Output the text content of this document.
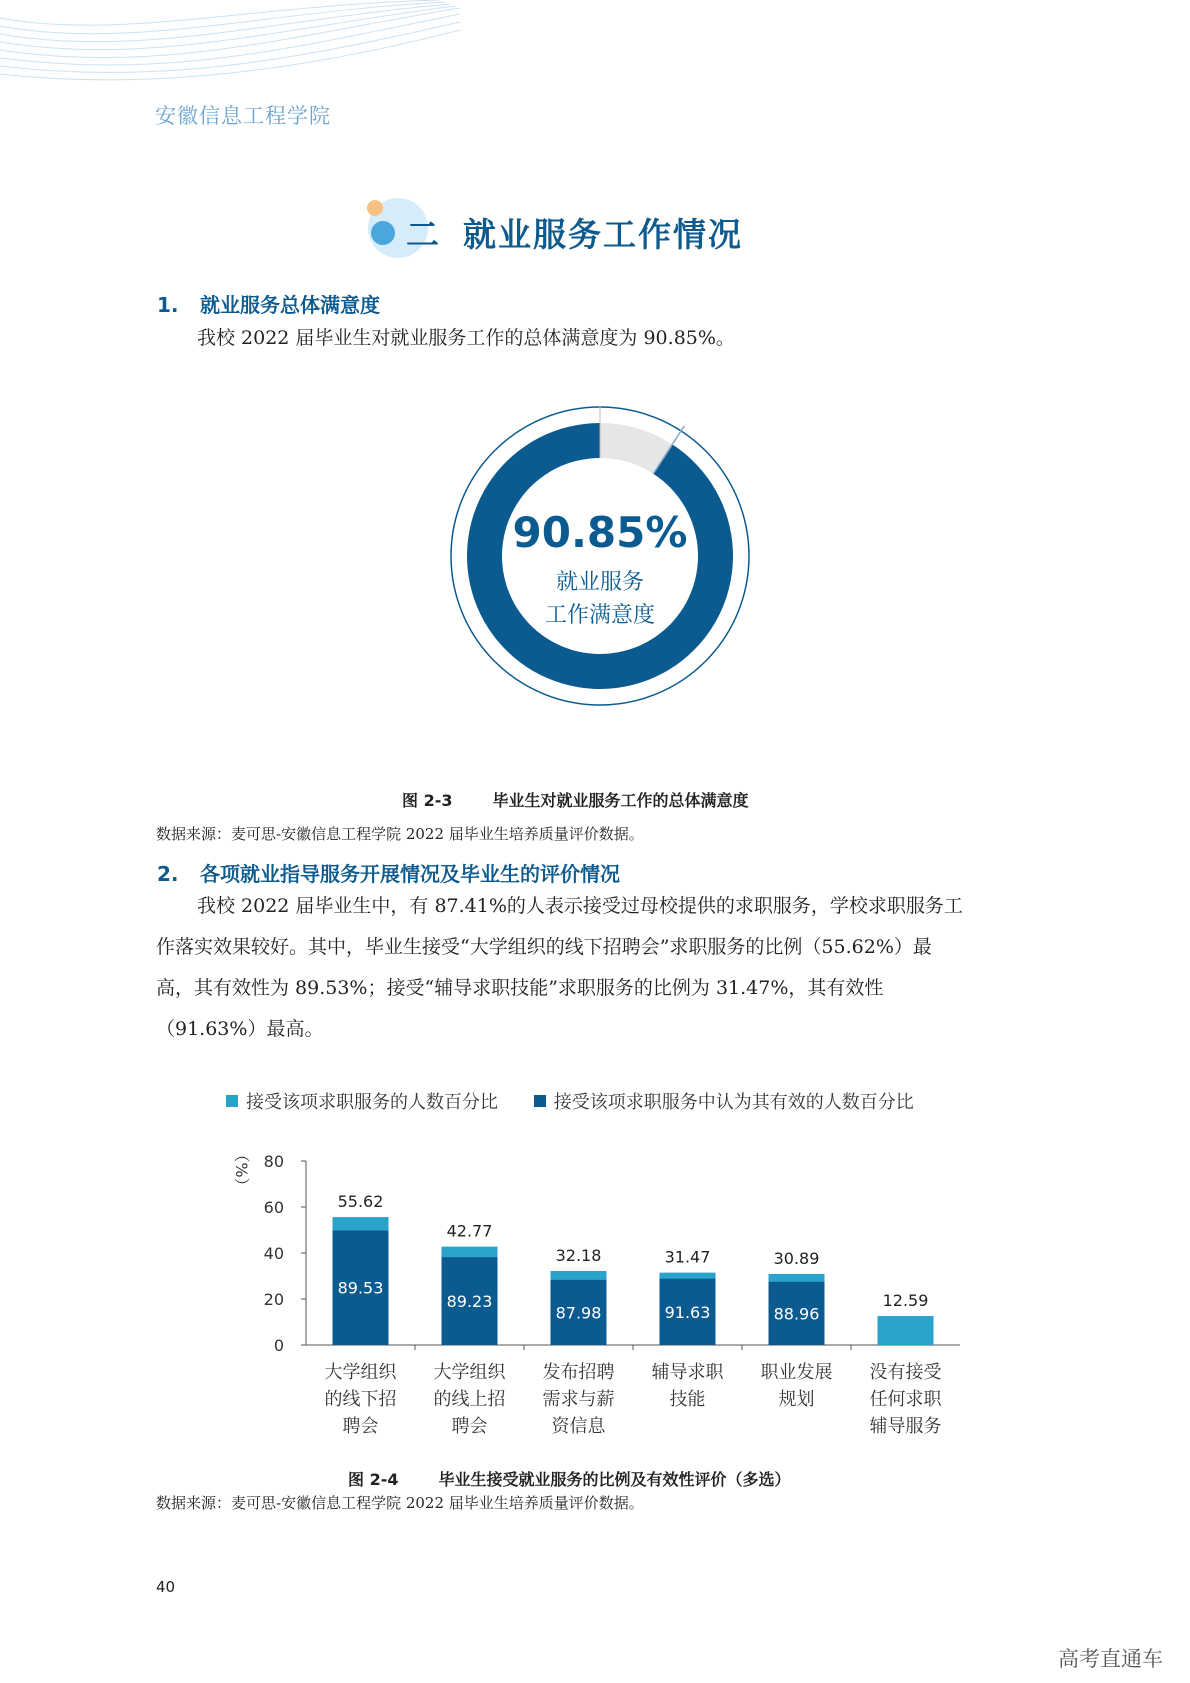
安徽信息工程学院
二 就业服务工作情况
1. 就业服务总体满意度
我校 2022 届毕业生对就业服务工作的总体满意度为 90.85%。
90.85%
就业服务
工作满意度
图 2-3	毕业生对就业服务工作的总体满意度
数据来源：麦可思-安徽信息工程学院 2022 届毕业生培养质量评价数据。
2. 各项就业指导服务开展情况及毕业生的评价情况
我校 2022 届毕业生中，有 87.41%的人表示接受过母校提供的求职服务，学校求职服务工
作落实效果较好。其中，毕业生接受“大学组织的线下招聘会”求职服务的比例（55.62%）最
高，其有效性为 89.53%；接受“辅导求职技能”求职服务的比例为 31.47%，其有效性
（91.63%）最高。
接受该项求职服务的人数百分比
	接受该项求职服务中认为其有效的人数百分比
0
20
40
60
80
（%）
89.53
55.62
大学组织
的线下招
聘会
89.23
42.77
大学组织
的线上招
聘会
87.98
32.18
发布招聘
需求与薪
资信息
91.63
31.47
辅导求职
技能
88.96
30.89
职业发展
规划
12.59
没有接受
任何求职
辅导服务
图 2-4	毕业生接受就业服务的比例及有效性评价（多选）
数据来源：麦可思-安徽信息工程学院 2022 届毕业生培养质量评价数据。
40
高考直通车
